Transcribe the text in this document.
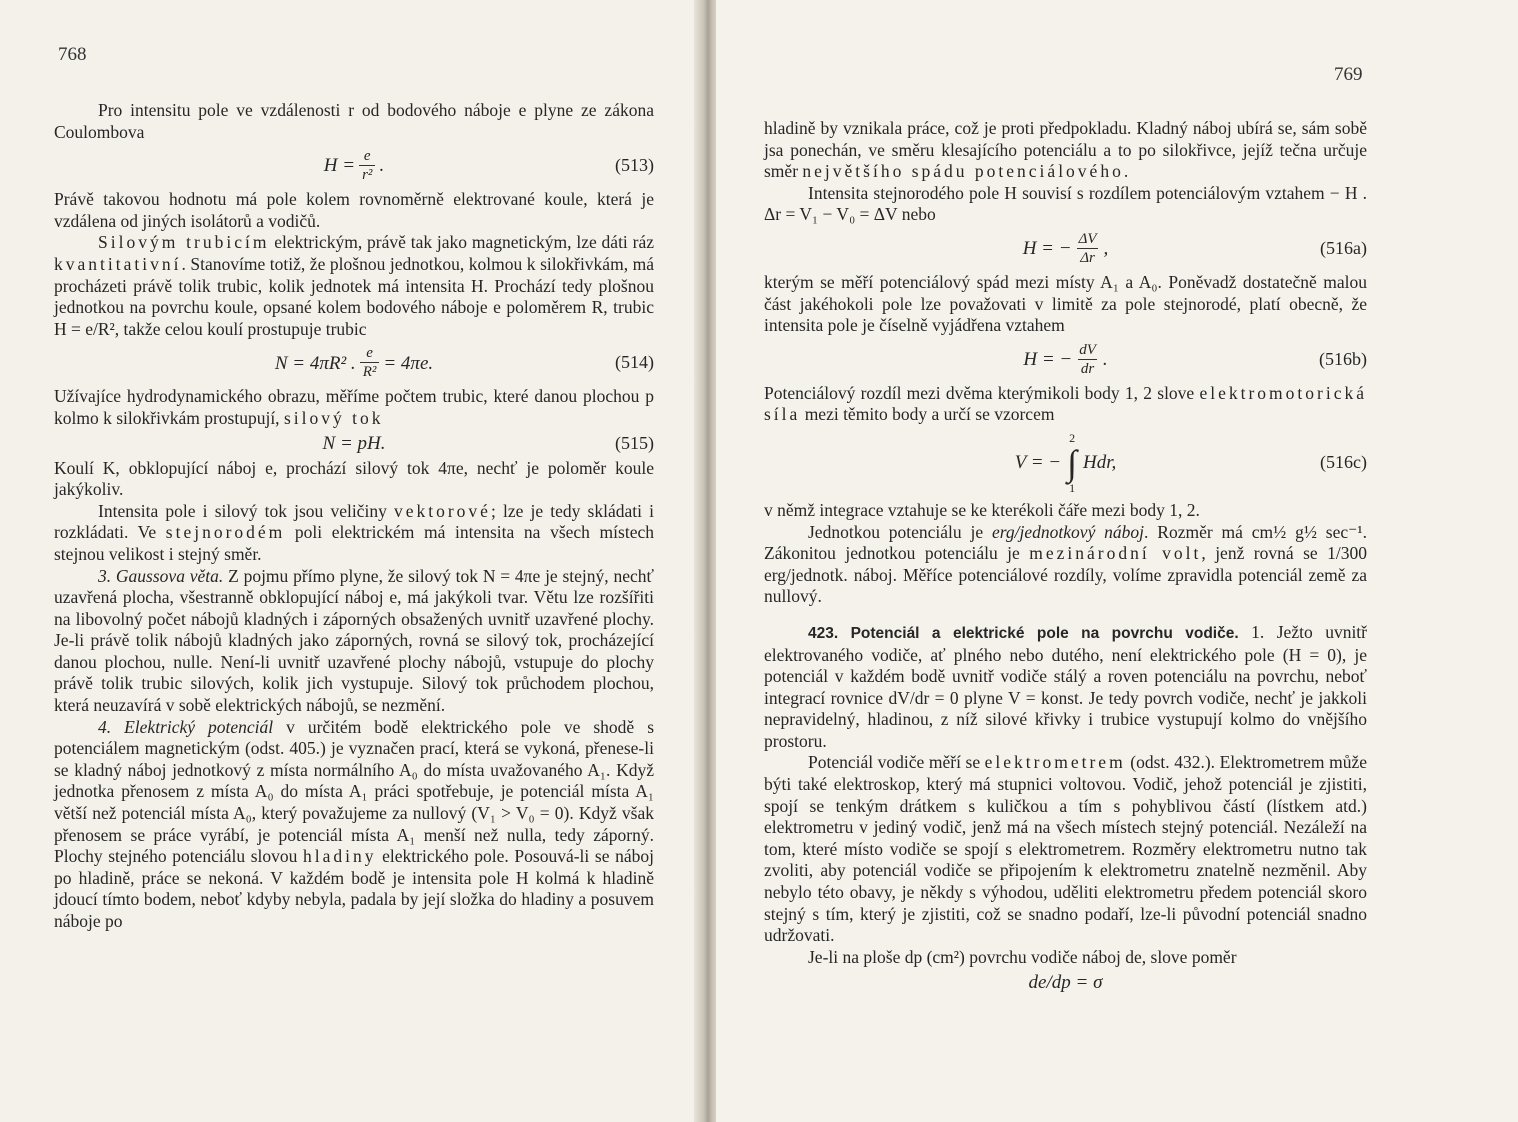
768

Pro intensitu pole ve vzdálenosti r od bodového náboje e plyne ze zákona Coulombova

$H = \frac{e}{\text{r²}}$ .	(513)

Právě takovou hodnotu má pole kolem rovnoměrně elektrované koule, která je vzdálena od jiných isolátorů a vodičů.

Silovým trubicím elektrickým, právě tak jako magnetickým, lze dáti ráz kvantitativní. Stanovíme totiž, že plošnou jednotkou, kolmou k silokřivkám, má procházeti právě tolik trubic, kolik jednotek má intensita H. Prochází tedy plošnou jednotkou na povrchu koule, opsané kolem bodového náboje e poloměrem R, trubic H = e/R², takže celou koulí prostupuje trubic

N = 4πR² . $\frac{e}{\text{R²}} = 4\pi e$.	(514)

Užívajíce hydrodynamického obrazu, měříme počtem trubic, které danou plochou p kolmo k silokřivkám prostupují, silový tok

N = pH.	(515)

Koulí K, obklopující náboj e, prochází silový tok 4πe, nechť je poloměr koule jakýkoliv.

Intensita pole i silový tok jsou veličiny vektorové; lze je tedy skládati i rozkládati. Ve stejnorodém poli elektrickém má intensita na všech místech stejnou velikost i stejný směr.

3. Gaussova věta. Z pojmu přímo plyne, že silový tok N = 4πe je stejný, nechť uzavřená plocha, všestranně obklopující náboj e, má jakýkoli tvar. Větu lze rozšířiti na libovolný počet nábojů kladných i záporných obsažených uvnitř uzavřené plochy. Je-li právě tolik nábojů kladných jako záporných, rovná se silový tok, procházející danou plochou, nulle. Není-li uvnitř uzavřené plochy nábojů, vstupuje do plochy právě tolik trubic silových, kolik jich vystupuje. Silový tok průchodem plochou, která neuzavírá v sobě elektrických nábojů, se nezmění.

4. Elektrický potenciál v určitém bodě elektrického pole ve shodě s potenciálem magnetickým (odst. 405.) je vyznačen prací, která se vykoná, přenese-li se kladný náboj jednotkový z místa normálního A₀ do místa uvažovaného A₁. Když jednotka přenosem z místa A₀ do místa A₁ práci spotřebuje, je potenciál místa A₁ větší než potenciál místa A₀, který považujeme za nullový (V₁ > V₀ = 0). Když však přenosem se práce vyrábí, je potenciál místa A₁ menší než nulla, tedy záporný. Plochy stejného potenciálu slovou hladiny elektrického pole. Posouvá-li se náboj po hladině, práce se nekoná. V každém bodě je intensita pole H kolmá k hladině jdoucí tímto bodem, neboť kdyby nebyla, padala by její složka do hladiny a posuvem náboje po

769

hladině by vznikala práce, což je proti předpokladu. Kladný náboj ubírá se, sám sobě jsa ponechán, ve směru klesajícího potenciálu a to po silokřivce, jejíž tečna určuje směr největšího spádu potenciálového.

Intensita stejnorodého pole H souvisí s rozdílem potenciálovým vztahem − H . Δr = V₁ − V₀ = ΔV nebo

H = − $\frac{\Delta V}{\Delta r}$ ,	(516a)

kterým se měří potenciálový spád mezi místy A₁ a A₀. Poněvadž dostatečně malou část jakéhokoli pole lze považovati v limitě za pole stejnorodé, platí obecně, že intensita pole je číselně vyjádřena vztahem

H = − $\frac{dV}{dr}$ .	(516b)

Potenciálový rozdíl mezi dvěma kterýmikoli body 1, 2 slove elektromotorická síla mezi těmito body a určí se vzorcem

V = −
2
∫
1
Hdr,	(516c)

v němž integrace vztahuje se ke kterékoli čáře mezi body 1, 2.

Jednotkou potenciálu je erg/jednotkový náboj. Rozměr má cm½ g½ sec⁻¹. Zákonitou jednotkou potenciálu je mezinárodní volt, jenž rovná se 1/300 erg/jednotk. náboj. Měříce potenciálové rozdíly, volíme zpravidla potenciál země za nullový.

423. Potenciál a elektrické pole na povrchu vodiče. 1. Ježto uvnitř elektrovaného vodiče, ať plného nebo dutého, není elektrického pole (H = 0), je potenciál v každém bodě uvnitř vodiče stálý a roven potenciálu na povrchu, neboť integrací rovnice dV/dr = 0 plyne V = konst. Je tedy povrch vodiče, nechť je jakkoli nepravidelný, hladinou, z níž silové křivky i trubice vystupují kolmo do vnějšího prostoru.

Potenciál vodiče měří se elektrometrem (odst. 432.). Elektrometrem může býti také elektroskop, který má stupnici voltovou. Vodič, jehož potenciál je zjistiti, spojí se tenkým drátkem s kuličkou a tím s pohyblivou částí (lístkem atd.) elektrometru v jediný vodič, jenž má na všech místech stejný potenciál. Nezáleží na tom, které místo vodiče se spojí s elektrometrem. Rozměry elektrometru nutno tak zvoliti, aby potenciál vodiče se připojením k elektrometru znatelně nezměnil. Aby nebylo této obavy, je někdy s výhodou, uděliti elektrometru předem potenciál skoro stejný s tím, který je zjistiti, což se snadno podaří, lze-li původní potenciál snadno udržovati.

Je-li na ploše dp (cm²) povrchu vodiče náboj de, slove poměr

de/dp = σ
